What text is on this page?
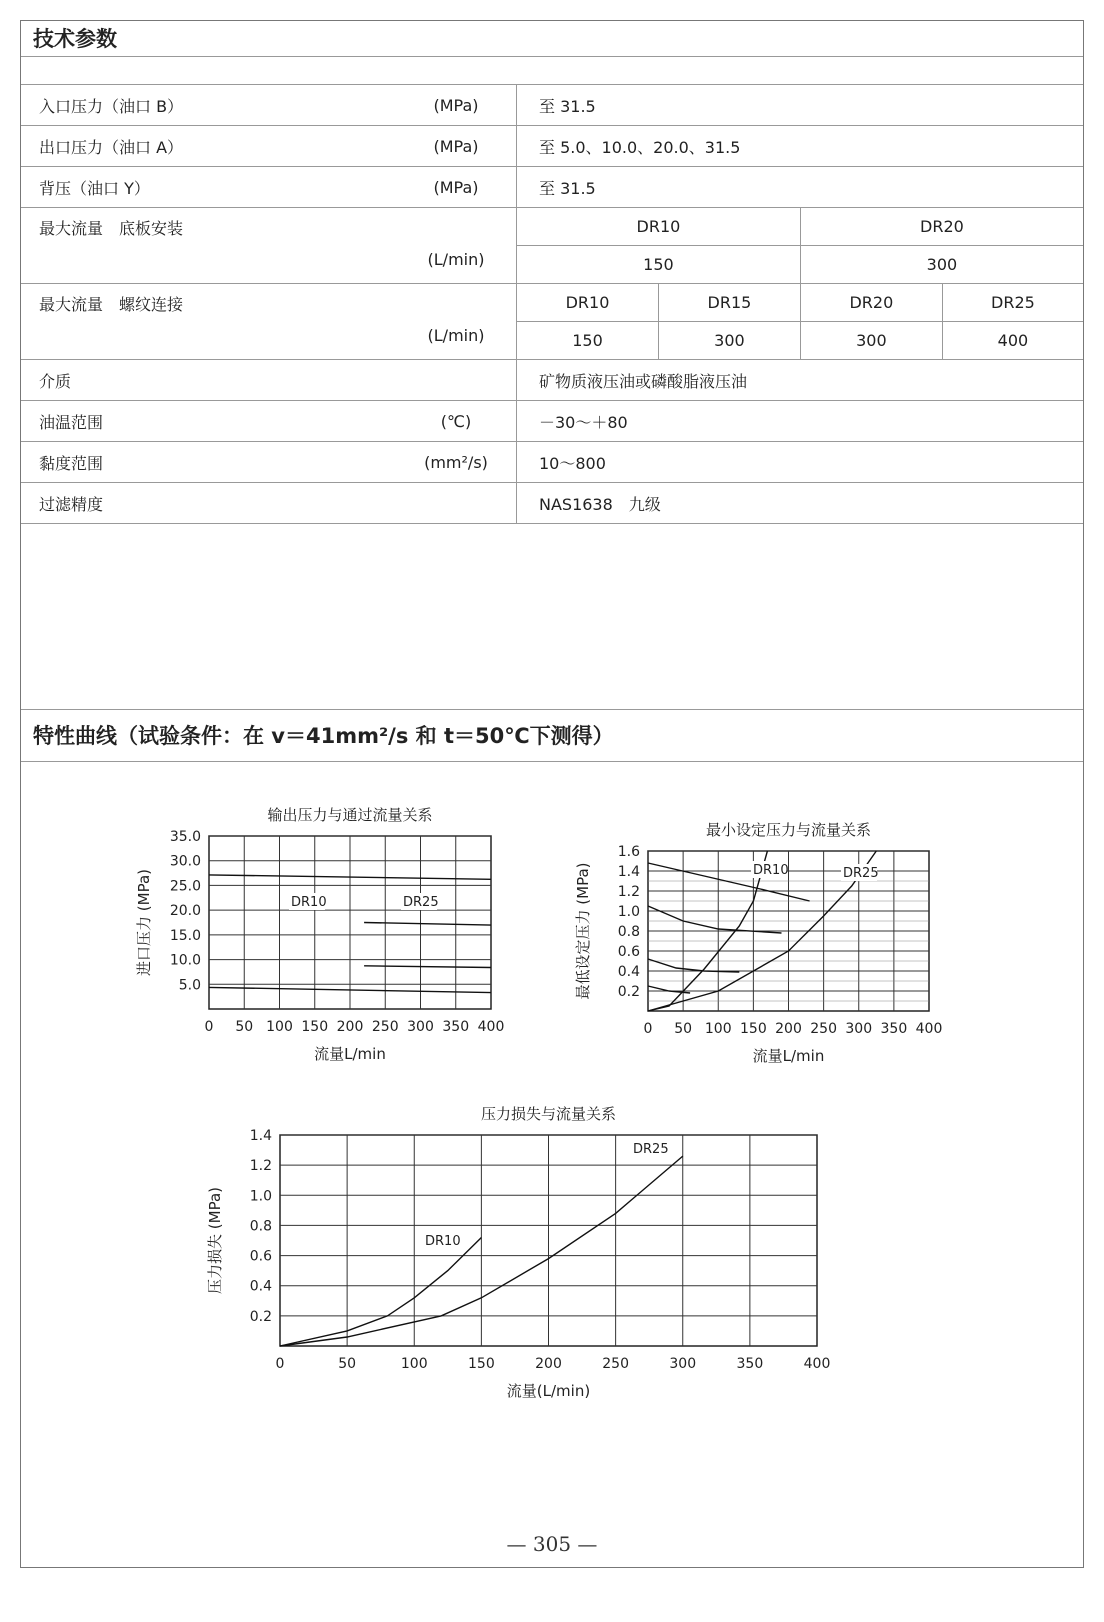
技术参数
入口压力（油口 B）	(MPa)	至 31.5			
出口压力（油口 A）	(MPa)	至 5.0、10.0、20.0、31.5			
背压（油口 Y）	(MPa)	至 31.5			
最大流量　底板安装	(L/min)	DR10		DR20	
		150		300	
最大流量　螺纹连接	(L/min)	DR10	DR15	DR20	DR25
		150	300	300	400
介质		矿物质液压油或磷酸脂液压油			
油温范围	(℃)	－30～＋80			
黏度范围	(mm²/s)	10～800			
过滤精度		NAS1638　九级			
特性曲线（试验条件：在 v＝41mm²/s 和 t＝50℃下测得）
输出压力与通过流量关系
0 50 100 150 200 250 300 350 400
5.0
10.0
15.0
20.0
25.0
30.0
35.0
流量L/min
进口压力 (MPa)	DR10	DR25
最小设定压力与流量关系
0 50 100 150 200 250 300 350 400
0.2
0.4
0.6
0.8
1.0
1.2
1.4
1.6
流量L/min
最低设定压力 (MPa)	DR10	DR25
压力损失与流量关系
0	50	100	150	200	250	300	350	400
0.2
0.4
0.6
0.8
1.0
1.2
1.4
流量(L/min)
压力损失 (MPa)	DR10
DR25
— 305 —
